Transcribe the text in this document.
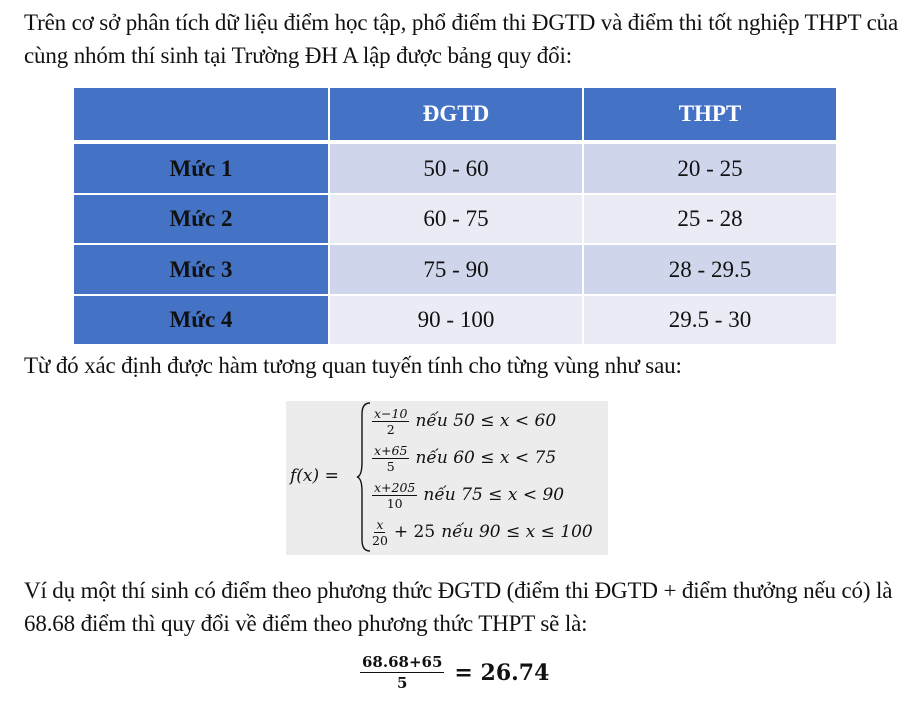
Trên cơ sở phân tích dữ liệu điểm học tập, phổ điểm thi ĐGTD và điểm thi tốt nghiệp THPT của cùng nhóm thí sinh tại Trường ĐH A lập được bảng quy đổi:

	ĐGTD	THPT
Mức 1	50 - 60	20 - 25
Mức 2	60 - 75	25 - 28
Mức 3	75 - 90	28 - 29.5
Mức 4	90 - 100	29.5 - 30

Từ đó xác định được hàm tương quan tuyến tính cho từng vùng như sau:

f(x) =
$\frac{x-10}{2}$ nếu 50 ≤ x < 60
$\frac{x+65}{5}$ nếu 60 ≤ x < 75
$\frac{x+205}{10}$ nếu 75 ≤ x < 90
$\frac{x}{20} + 25$ nếu 90 ≤ x ≤ 100

Ví dụ một thí sinh có điểm theo phương thức ĐGTD (điểm thi ĐGTD + điểm thưởng nếu có) là 68.68 điểm thì quy đổi về điểm theo phương thức THPT sẽ là:

$\frac{68.68+65}{5} = 26.74$
